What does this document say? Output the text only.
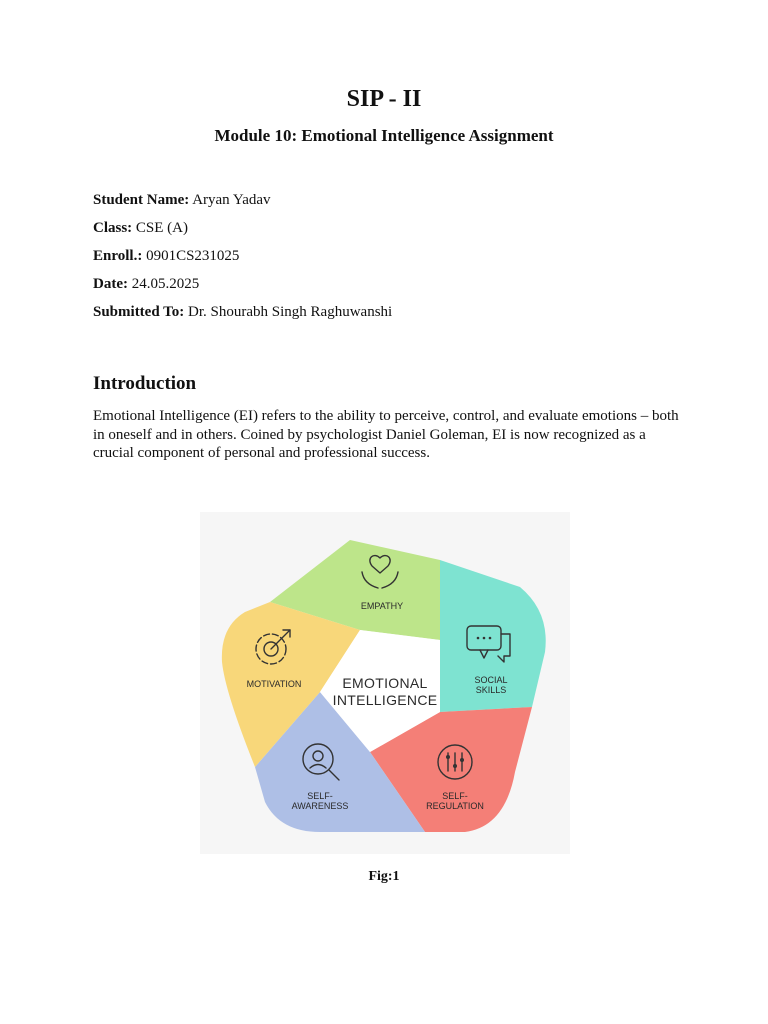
SIP - II
Module 10: Emotional Intelligence Assignment
Student Name: Aryan Yadav
Class: CSE (A)
Enroll.: 0901CS231025
Date: 24.05.2025
Submitted To: Dr. Shourabh Singh Raghuwanshi
Introduction

Emotional Intelligence (EI) refers to the ability to perceive, control, and evaluate emotions – both in oneself and in others. Coined by psychologist Daniel Goleman, EI is now recognized as a crucial component of personal and professional success.

EMOTIONAL
INTELLIGENCE
EMPATHY
SOCIAL
SKILLS
SELF-
REGULATION
SELF-
AWARENESS
MOTIVATION
Fig:1
